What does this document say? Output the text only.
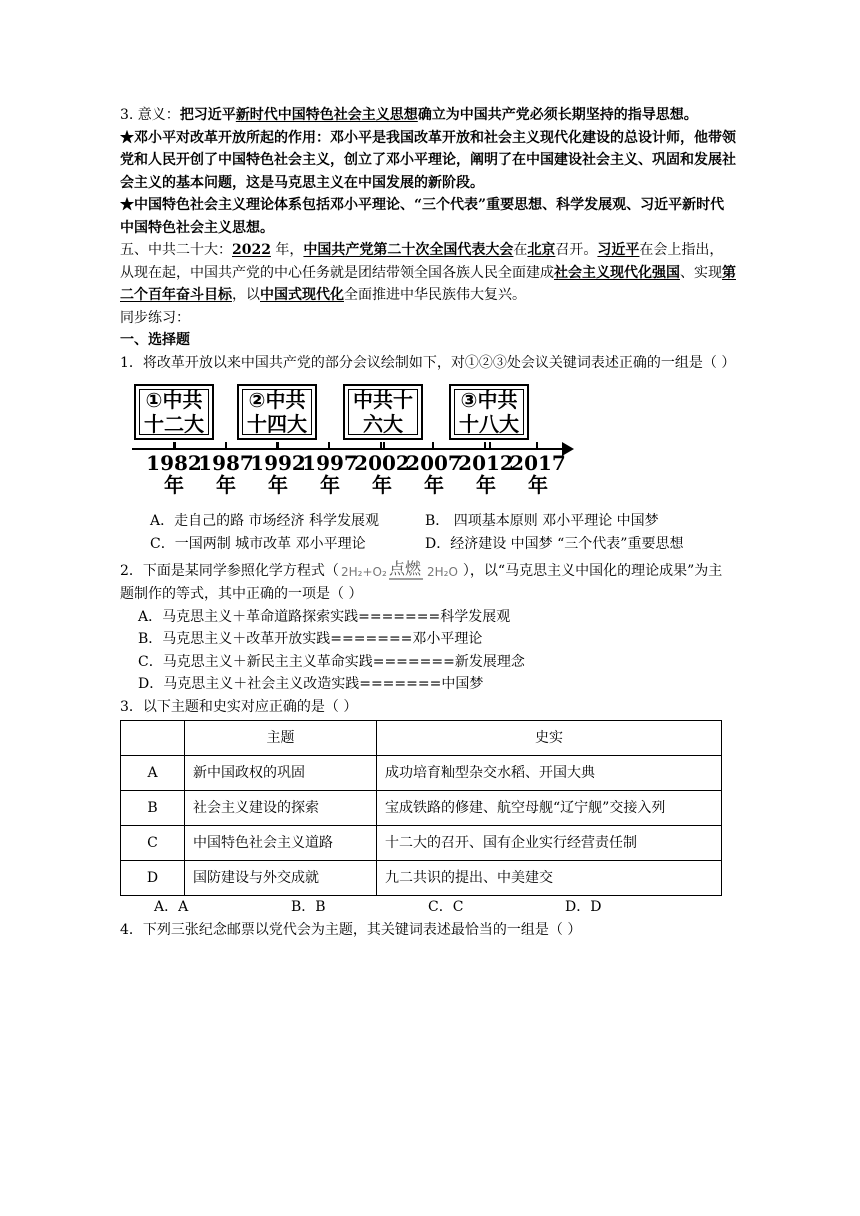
3. 意义：把习近平新时代中国特色社会主义思想确立为中国共产党必须长期坚持的指导思想。

★邓小平对改革开放所起的作用：邓小平是我国改革开放和社会主义现代化建设的总设计师，他带领党和人民开创了中国特色社会主义，创立了邓小平理论，阐明了在中国建设社会主义、巩固和发展社会主义的基本问题，这是马克思主义在中国发展的新阶段。

★中国特色社会主义理论体系包括邓小平理论、“三个代表”重要思想、科学发展观、习近平新时代中国特色社会主义思想。

五、中共二十大：2022 年，中国共产党第二十次全国代表大会在北京召开。习近平在会上指出，从现在起，中国共产党的中心任务就是团结带领全国各族人民全面建成社会主义现代化强国、实现第二个百年奋斗目标，以中国式现代化全面推进中华民族伟大复兴。

同步练习：

一、选择题

1．将改革开放以来中国共产党的部分会议绘制如下，对①②③处会议关键词表述正确的一组是（ ）

①中共
十二大
②中共
十四大
中共十
六大
③中共
十八大
1982
年
1987
年
1992
年
1997
年
2002
年
2007
年
2012
年
2017
年
A．走自己的路 市场经济 科学发展观	B． 四项基本原则 邓小平理论 中国梦
C．一国两制 城市改革 邓小平理论	D．经济建设 中国梦 “三个代表”重要思想

2．下面是某同学参照化学方程式（ 2H₂+O₂ 点燃 2H₂O ），以“马克思主义中国化的理论成果”为主题制作的等式，其中正确的一项是（ ）

A．马克思主义＋革命道路探索实践=======科学发展观

B．马克思主义＋改革开放实践=======邓小平理论

C．马克思主义＋新民主主义革命实践=======新发展理念

D．马克思主义＋社会主义改造实践=======中国梦

3．以下主题和史实对应正确的是（ ）

	主题	史实
A	新中国政权的巩固	成功培育籼型杂交水稻、开国大典
B	社会主义建设的探索	宝成铁路的修建、航空母舰“辽宁舰”交接入列
C	中国特色社会主义道路	十二大的召开、国有企业实行经营责任制
D	国防建设与外交成就	九二共识的提出、中美建交
A．A	B．B	C．C	D．D

4．下列三张纪念邮票以党代会为主题，其关键词表述最恰当的一组是（ ）
